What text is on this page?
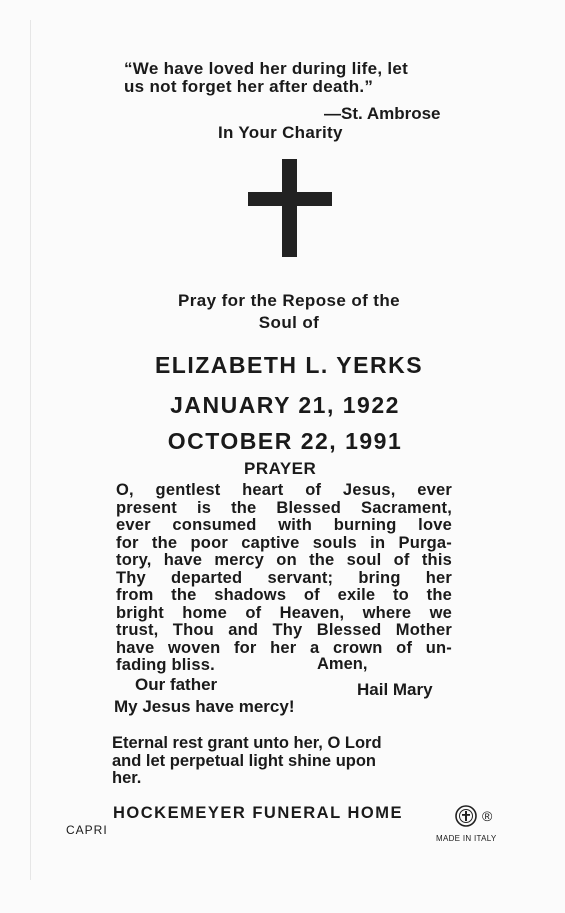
“We have loved her during life, let
us not forget her after death.”
—St. Ambrose
In Your Charity
Pray for the Repose of the
Soul of
ELIZABETH L. YERKS
JANUARY 21, 1922
OCTOBER 22, 1991
PRAYER
O, gentlest heart of Jesus, ever
present is the Blessed Sacrament,
ever consumed with burning love
for the poor captive souls in Purga-
tory, have mercy on the soul of this
Thy departed servant; bring her
from the shadows of exile to the
bright home of Heaven, where we
trust, Thou and Thy Blessed Mother
have woven for her a crown of un-
fading bliss.	Amen,
Our father	Hail Mary
My Jesus have mercy!
Eternal rest grant unto her, O Lord
and let perpetual light shine upon
her.
HOCKEMEYER FUNERAL HOME	®
CAPRI
MADE IN ITALY
